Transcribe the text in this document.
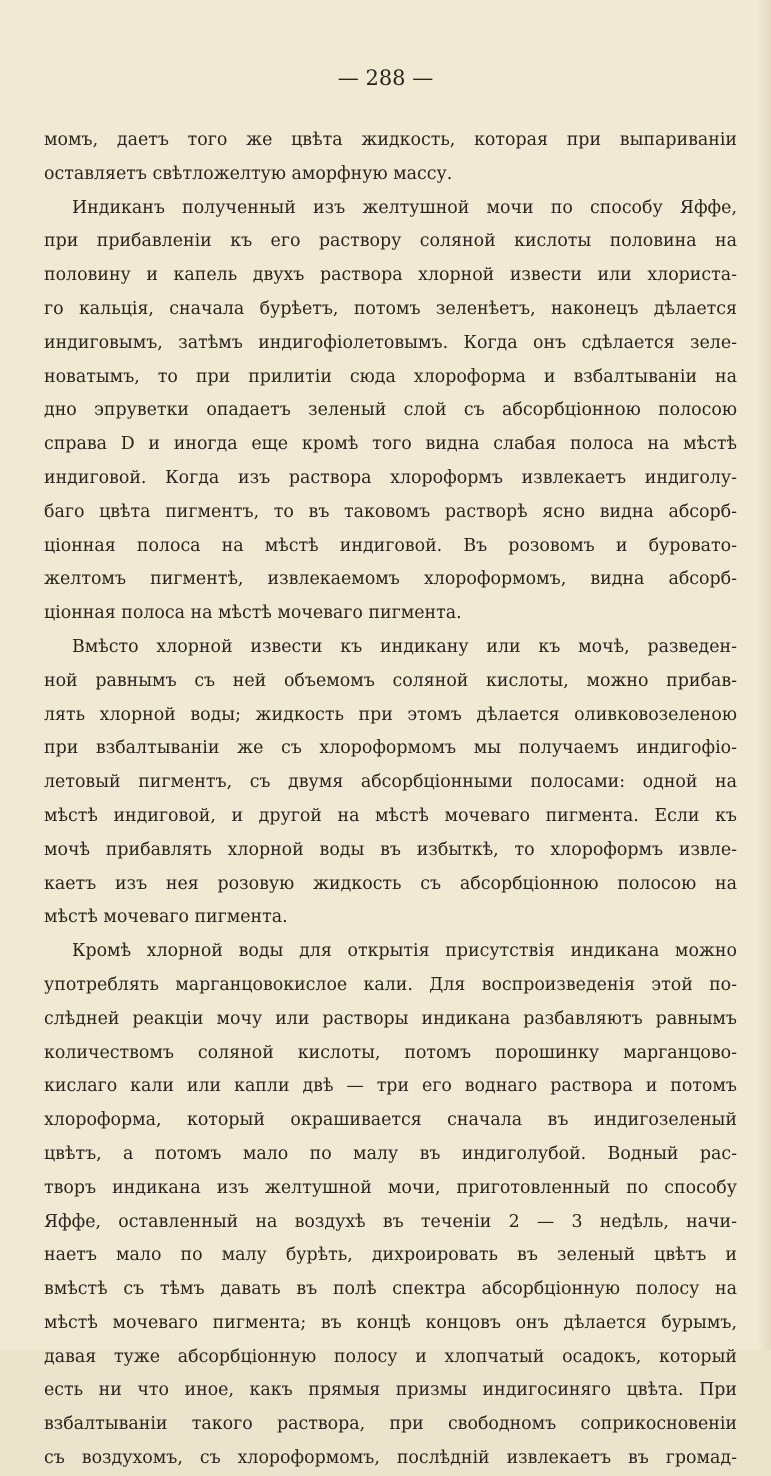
— 288 —
момъ, даетъ того же цвѣта жидкость, которая при выпариваніи
оставляетъ свѣтложелтую аморфную массу.
Индиканъ полученный изъ желтушной мочи по способу Яффе,
при прибавленіи къ его раствору соляной кислоты половина на
половину и капель двухъ раствора хлорной извести или хлориста-
го кальція, сначала бурѣетъ, потомъ зеленѣетъ, наконецъ дѣлается
индиговымъ, затѣмъ индигофіолетовымъ. Когда онъ сдѣлается зеле-
новатымъ, то при прилитіи сюда хлороформа и взбалтываніи на
дно эпруветки опадаетъ зеленый слой съ абсорбціонною полосою
справа D и иногда еще кромѣ того видна слабая полоса на мѣстѣ
индиговой. Когда изъ раствора хлороформъ извлекаетъ индиголу-
баго цвѣта пигментъ, то въ таковомъ растворѣ ясно видна абсорб-
ціонная полоса на мѣстѣ индиговой. Въ розовомъ и буровато-
желтомъ пигментѣ, извлекаемомъ хлороформомъ, видна абсорб-
ціонная полоса на мѣстѣ мочеваго пигмента.
Вмѣсто хлорной извести къ индикану или къ мочѣ, разведен-
ной равнымъ съ ней объемомъ соляной кислоты, можно прибав-
лять хлорной воды; жидкость при этомъ дѣлается оливковозеленою
при взбалтываніи же съ хлороформомъ мы получаемъ индигофіо-
летовый пигментъ, съ двумя абсорбціонными полосами: одной на
мѣстѣ индиговой, и другой на мѣстѣ мочеваго пигмента. Если къ
мочѣ прибавлять хлорной воды въ избыткѣ, то хлороформъ извле-
каетъ изъ нея розовую жидкость съ абсорбціонною полосою на
мѣстѣ мочеваго пигмента.
Кромѣ хлорной воды для открытія присутствія индикана можно
употреблять марганцовокислое кали. Для воспроизведенія этой по-
слѣдней реакціи мочу или растворы индикана разбавляютъ равнымъ
количествомъ соляной кислоты, потомъ порошинку марганцово-
кислаго кали или капли двѣ — три его воднаго раствора и потомъ
хлороформа, который окрашивается сначала въ индигозеленый
цвѣтъ, а потомъ мало по малу въ индиголубой. Водный рас-
творъ индикана изъ желтушной мочи, приготовленный по способу
Яффе, оставленный на воздухѣ въ теченіи 2 — 3 недѣль, начи-
наетъ мало по малу бурѣть, дихроировать въ зеленый цвѣтъ и
вмѣстѣ съ тѣмъ давать въ полѣ спектра абсорбціонную полосу на
мѣстѣ мочеваго пигмента; въ концѣ концовъ онъ дѣлается бурымъ,
давая туже абсорбціонную полосу и хлопчатый осадокъ, который
есть ни что иное, какъ прямыя призмы индигосиняго цвѣта. При
взбалтываніи такого раствора, при свободномъ соприкосновеніи
съ воздухомъ, съ хлороформомъ, послѣдній извлекаетъ въ громад-
